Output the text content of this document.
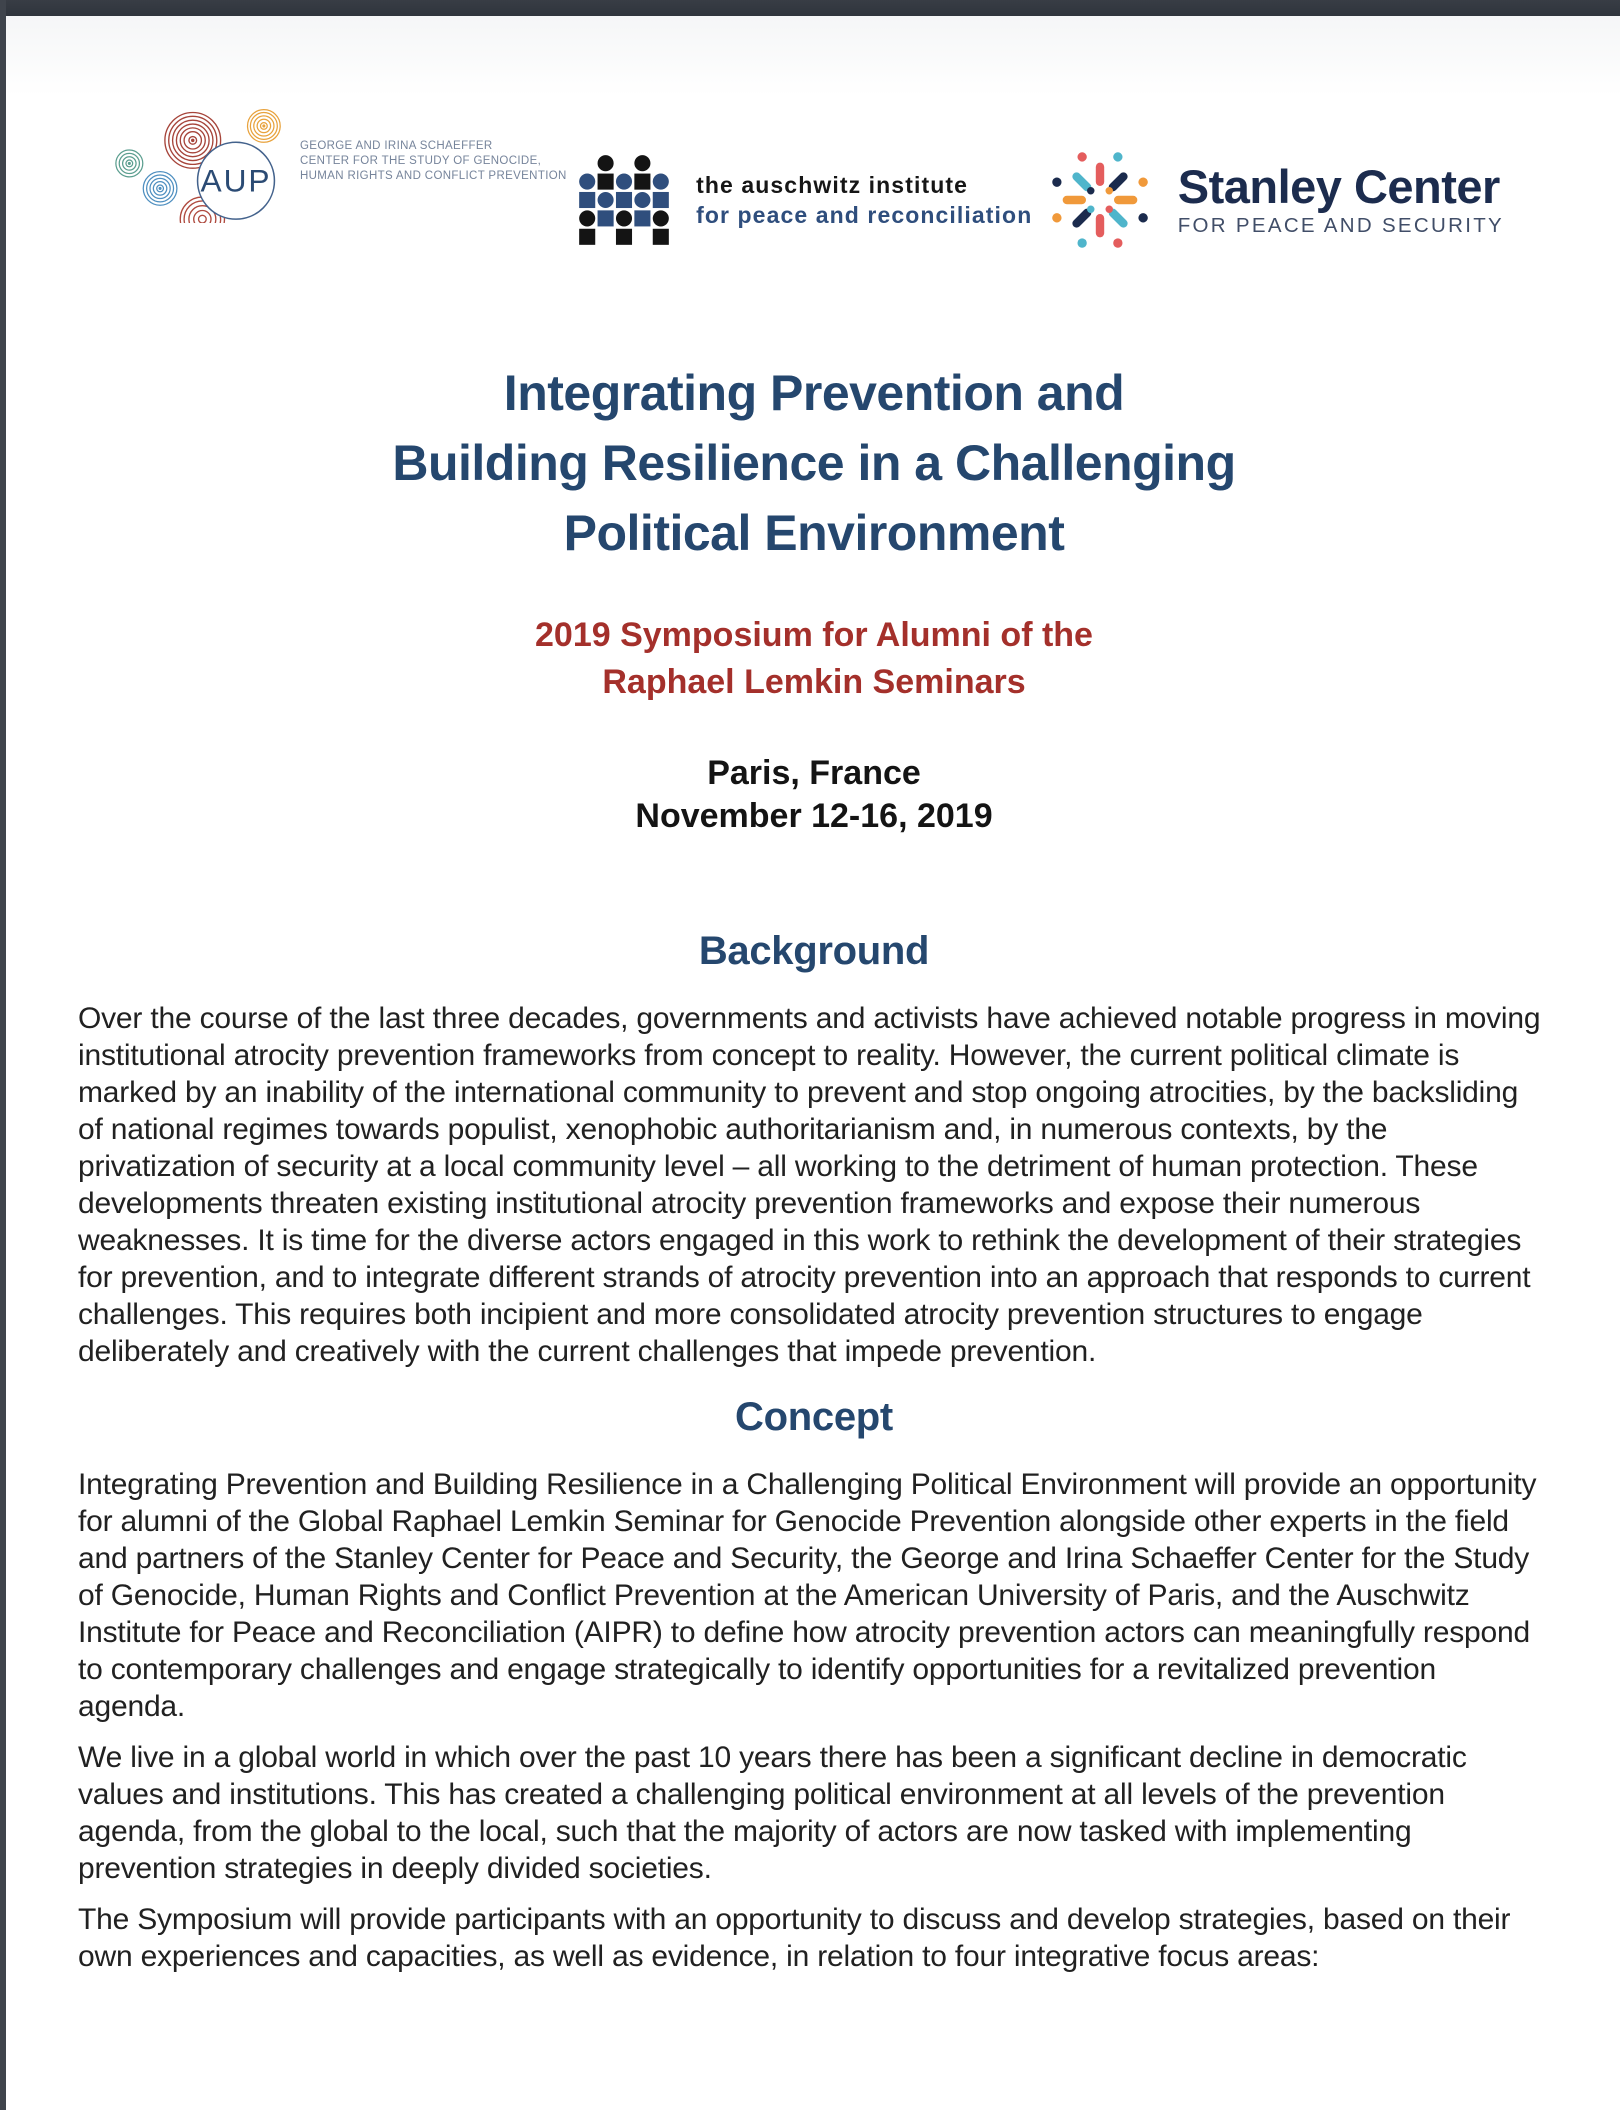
AUP
GEORGE AND IRINA SCHAEFFER
CENTER FOR THE STUDY OF GENOCIDE,
HUMAN RIGHTS AND CONFLICT PREVENTION	the auschwitz institute
for peace and reconciliation
Stanley Center
FOR PEACE AND SECURITY
Integrating Prevention and
Building Resilience in a Challenging
Political Environment
2019 Symposium for Alumni of the
Raphael Lemkin Seminars
Paris, France
November 12-16, 2019
Background

Over the course of the last three decades, governments and activists have achieved notable progress in moving institutional atrocity prevention frameworks from concept to reality. However, the current political climate is marked by an inability of the international community to prevent and stop ongoing atrocities, by the backsliding of national regimes towards populist, xenophobic authoritarianism and, in numerous contexts, by the privatization of security at a local community level – all working to the detriment of human protection. These developments threaten existing institutional atrocity prevention frameworks and expose their numerous weaknesses. It is time for the diverse actors engaged in this work to rethink the development of their strategies for prevention, and to integrate different strands of atrocity prevention into an approach that responds to current challenges. This requires both incipient and more consolidated atrocity prevention structures to engage deliberately and creatively with the current challenges that impede prevention.

Concept

Integrating Prevention and Building Resilience in a Challenging Political Environment will provide an opportunity for alumni of the Global Raphael Lemkin Seminar for Genocide Prevention alongside other experts in the field and partners of the Stanley Center for Peace and Security, the George and Irina Schaeffer Center for the Study of Genocide, Human Rights and Conflict Prevention at the American University of Paris, and the Auschwitz Institute for Peace and Reconciliation (AIPR) to define how atrocity prevention actors can meaningfully respond to contemporary challenges and engage strategically to identify opportunities for a revitalized prevention agenda.

We live in a global world in which over the past 10 years there has been a significant decline in democratic values and institutions. This has created a challenging political environment at all levels of the prevention agenda, from the global to the local, such that the majority of actors are now tasked with implementing prevention strategies in deeply divided societies.

The Symposium will provide participants with an opportunity to discuss and develop strategies, based on their own experiences and capacities, as well as evidence, in relation to four integrative focus areas:
